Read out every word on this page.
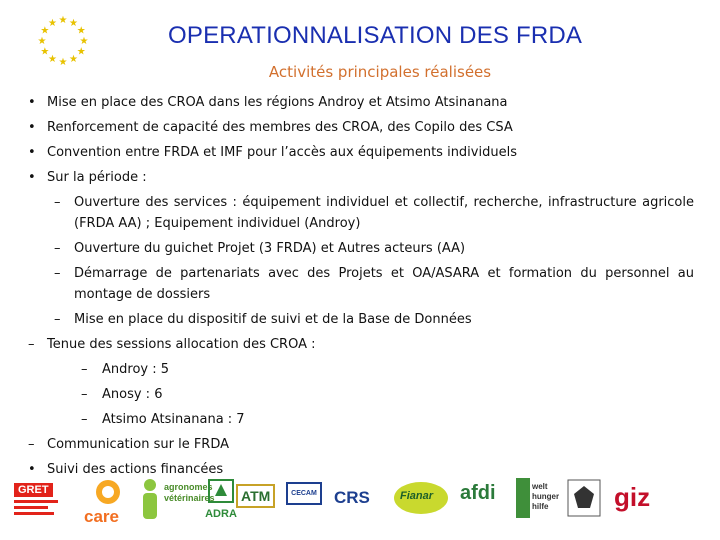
★ ★
★
★
★
★
★
★
★
★
★
★	OPERATIONNALISATION DES FRDA
Activités principales réalisées
• Mise en place des CROA dans les régions Androy et Atsimo Atsinanana
• Renforcement de capacité des membres des CROA, des Copilo des CSA
• Convention entre FRDA et IMF pour l’accès aux équipements individuels
• Sur la période :
– Ouverture des services : équipement individuel et collectif, recherche, infrastructure agricole (FRDA AA) ; Equipement individuel (Androy)
– Ouverture du guichet Projet (3 FRDA) et Autres acteurs (AA)
– Démarrage de partenariats avec des Projets et OA/ASARA et formation du personnel au montage de dossiers
– Mise en place du dispositif de suivi et de la Base de Données
– Tenue des sessions allocation des CROA :
– Androy : 5
– Anosy : 6
– Atsimo Atsinanana : 7
– Communication sur le FRDA
• Suivi des actions financées
GRET
care
agronomes vétérinaires
ADRA
ATM	CECAM	CRS	Fianar afdi	welt hunger hilfe	giz
